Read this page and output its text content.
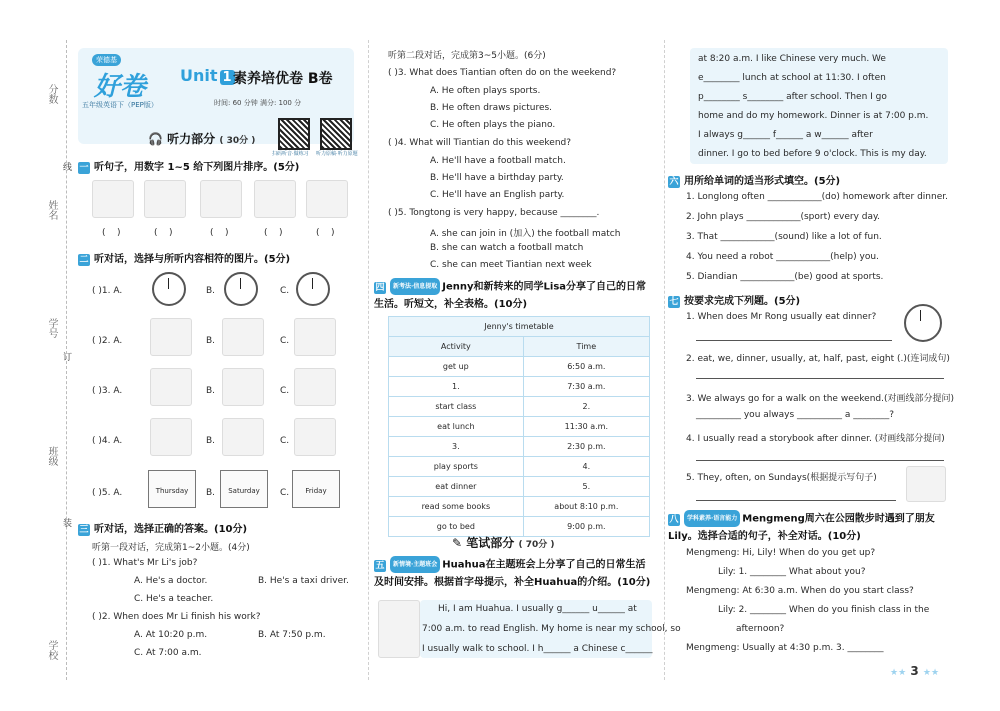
分数
姓名
学号
班级
学校
线
订
装
荣德基
好卷
五年级英语下（PEP版）
Unit 1 素养培优卷 B卷
时间: 60 分钟 满分: 100 分
扫码听音·做练习 听力原稿·听力原题
🎧 听力部分 ( 30分 )
一 听句子，用数字 1~5 给下列图片排序。(5分)
( )	( )	( )	( )	( )
二 听对话，选择与所听内容相符的图片。(5分)
( )1. A.	B.	C.
( )2. A.	B.	C.
( )3. A.	B.	C.
( )4. A.	B.	C.
( )5. A.	Thursday	B.	Saturday	C.	Friday
三 听对话，选择正确的答案。(10分)
听第一段对话，完成第1~2小题。(4分)
( )1. What's Mr Li's job?
A. He's a doctor.	B. He's a taxi driver.
C. He's a teacher.
( )2. When does Mr Li finish his work?
A. At 10:20 p.m.	B. At 7:50 p.m.
C. At 7:00 a.m.
听第二段对话，完成第3~5小题。(6分)
( )3. What does Tiantian often do on the weekend?
A. He often plays sports.
B. He often draws pictures.
C. He often plays the piano.
( )4. What will Tiantian do this weekend?
A. He'll have a football match.
B. He'll have a birthday party.
C. He'll have an English party.
( )5. Tongtong is very happy, because ________.
A. she can join in (加入) the football match
B. she can watch a football match
C. she can meet Tiantian next week
四 新考法·信息提取 Jenny和新转来的同学Lisa分享了自己的日常生活。听短文，补全表格。(10分)
Jenny's timetable	
Activity	Time
get up	6:50 a.m.
1.	7:30 a.m.
start class	2.
eat lunch	11:30 a.m.
3.	2:30 p.m.
play sports	4.
eat dinner	5.
read some books	about 8:10 p.m.
go to bed	9:00 p.m.
✎ 笔试部分 ( 70分 )
五 新情境·主题班会 Huahua在主题班会上分享了自己的日常生活及时间安排。根据首字母提示，补全Huahua的介绍。(10分)
Hi, I am Huahua. I usually g______ u______ at
7:00 a.m. to read English. My home is near my school, so
I usually walk to school. I h______ a Chinese c______
at 8:20 a.m. I like Chinese very much. We
e________ lunch at school at 11:30. I often
p________ s________ after school. Then I go
home and do my homework. Dinner is at 7:00 p.m.
I always g______ f______ a w______ after
dinner. I go to bed before 9 o'clock. This is my day.
六 用所给单词的适当形式填空。(5分)
1. Longlong often ____________(do) homework after dinner.
2. John plays ____________(sport) every day.
3. That ____________(sound) like a lot of fun.
4. You need a robot ____________(help) you.
5. Diandian ____________(be) good at sports.
七 按要求完成下列题。(5分)
1. When does Mr Rong usually eat dinner?
2. eat, we, dinner, usually, at, half, past, eight (.)(连词成句)
3. We always go for a walk on the weekend.(对画线部分提问)
__________ you always __________ a ________?
4. I usually read a storybook after dinner. (对画线部分提问)
5. They, often, on Sundays(根据提示写句子)
八 学科素养·语言能力 Mengmeng周六在公园散步时遇到了朋友Lily。选择合适的句子，补全对话。(10分)
Mengmeng: Hi, Lily! When do you get up?
Lily: 1. ________ What about you?
Mengmeng: At 6:30 a.m. When do you start class?
Lily: 2. ________ When do you finish class in the
afternoon?
Mengmeng: Usually at 4:30 p.m. 3. ________
★★ 3 ★★
